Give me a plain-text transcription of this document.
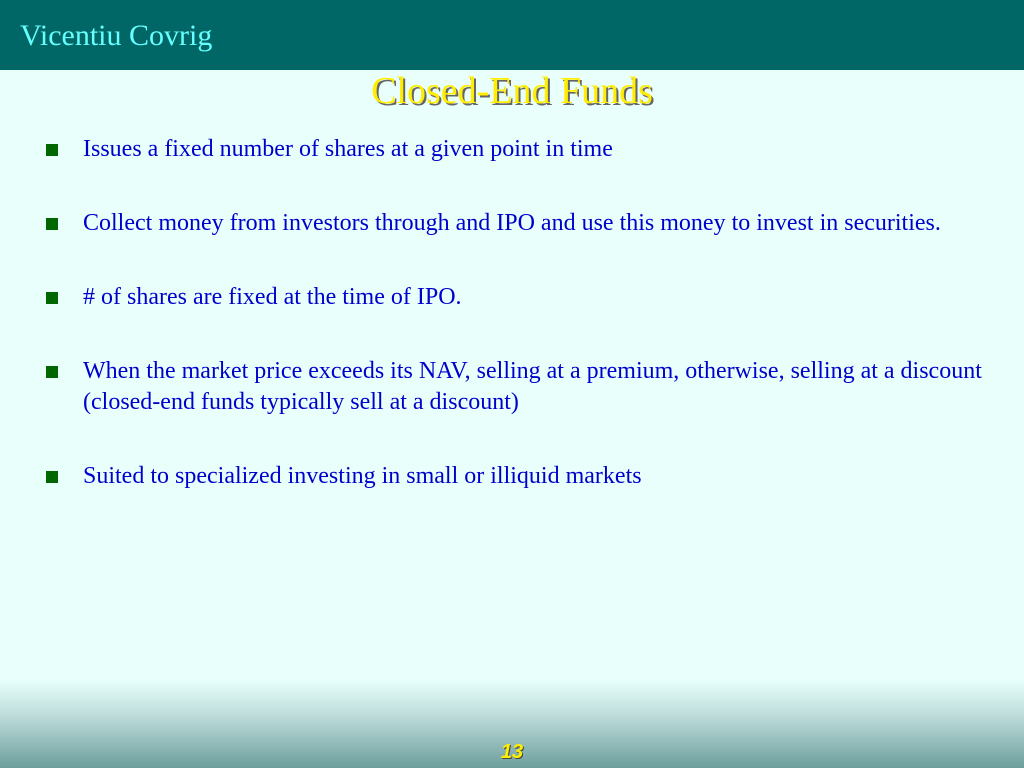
Vicentiu Covrig
Closed-End Funds
Issues a fixed number of shares at a given point in time
Collect money from investors through and IPO and use this money to invest in securities.
# of shares are fixed at the time of IPO.
When the market price exceeds its NAV, selling at a premium, otherwise, selling at a discount (closed-end funds typically sell at a discount)
Suited to specialized investing in small or illiquid markets
13
